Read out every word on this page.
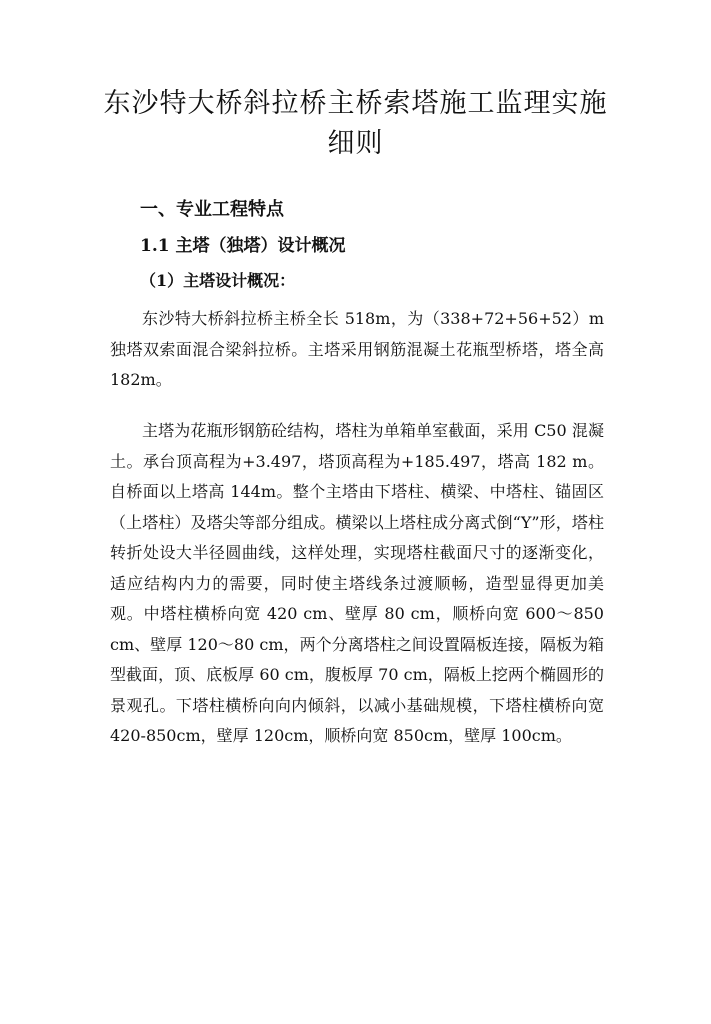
东沙特大桥斜拉桥主桥索塔施工监理实施细则
一、专业工程特点
1.1 主塔（独塔）设计概况
（1）主塔设计概况：

东沙特大桥斜拉桥主桥全长 518m，为（338+72+56+52）m 独塔双索面混合梁斜拉桥。主塔采用钢筋混凝土花瓶型桥塔，塔全高 182m。

主塔为花瓶形钢筋砼结构，塔柱为单箱单室截面，采用 C50 混凝土。承台顶高程为+3.497，塔顶高程为+185.497，塔高 182 m。自桥面以上塔高 144m。整个主塔由下塔柱、横梁、中塔柱、锚固区（上塔柱）及塔尖等部分组成。横梁以上塔柱成分离式倒“Y”形，塔柱转折处设大半径圆曲线，这样处理，实现塔柱截面尺寸的逐渐变化，适应结构内力的需要，同时使主塔线条过渡顺畅，造型显得更加美观。中塔柱横桥向宽 420 cm、壁厚 80 cm，顺桥向宽 600～850 cm、壁厚 120～80 cm，两个分离塔柱之间设置隔板连接，隔板为箱型截面，顶、底板厚 60 cm，腹板厚 70 cm，隔板上挖两个椭圆形的景观孔。下塔柱横桥向向内倾斜，以减小基础规模，下塔柱横桥向宽 420-850cm，壁厚 120cm，顺桥向宽 850cm，壁厚 100cm。
